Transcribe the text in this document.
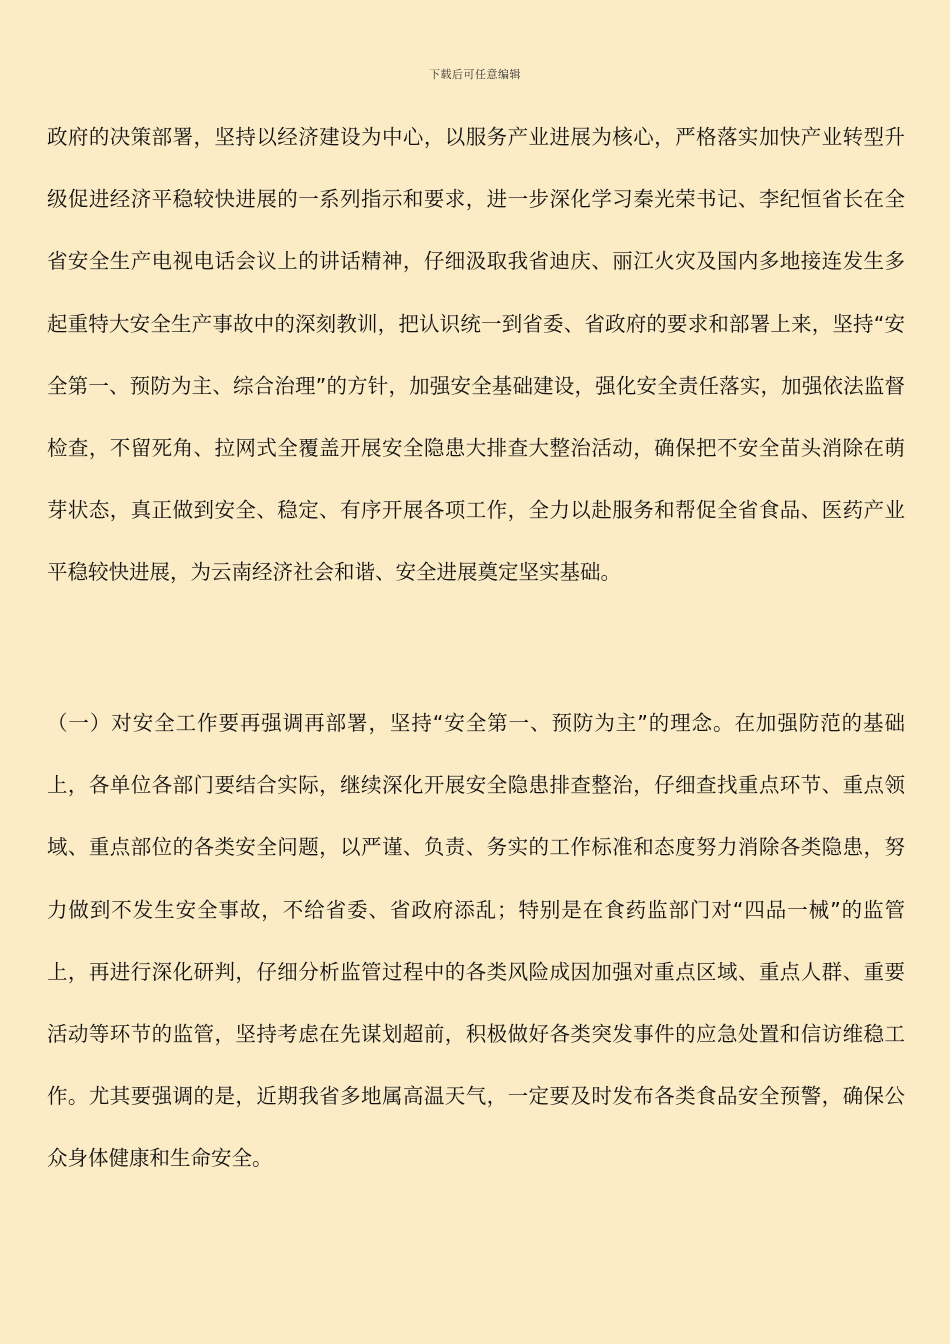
下载后可任意编辑

政府的决策部署，坚持以经济建设为中心，以服务产业进展为核心，严格落实加快产业转型升级促进经济平稳较快进展的一系列指示和要求，进一步深化学习秦光荣书记、李纪恒省长在全省安全生产电视电话会议上的讲话精神，仔细汲取我省迪庆、丽江火灾及国内多地接连发生多起重特大安全生产事故中的深刻教训，把认识统一到省委、省政府的要求和部署上来，坚持“安全第一、预防为主、综合治理”的方针，加强安全基础建设，强化安全责任落实，加强依法监督检查，不留死角、拉网式全覆盖开展安全隐患大排查大整治活动，确保把不安全苗头消除在萌芽状态，真正做到安全、稳定、有序开展各项工作，全力以赴服务和帮促全省食品、医药产业平稳较快进展，为云南经济社会和谐、安全进展奠定坚实基础。

（一）对安全工作要再强调再部署，坚持“安全第一、预防为主”的理念。在加强防范的基础上，各单位各部门要结合实际，继续深化开展安全隐患排查整治，仔细查找重点环节、重点领域、重点部位的各类安全问题，以严谨、负责、务实的工作标准和态度努力消除各类隐患，努力做到不发生安全事故，不给省委、省政府添乱；特别是在食药监部门对“四品一械”的监管上，再进行深化研判，仔细分析监管过程中的各类风险成因加强对重点区域、重点人群、重要活动等环节的监管，坚持考虑在先谋划超前，积极做好各类突发事件的应急处置和信访维稳工作。尤其要强调的是，近期我省多地属高温天气，一定要及时发布各类食品安全预警，确保公众身体健康和生命安全。
